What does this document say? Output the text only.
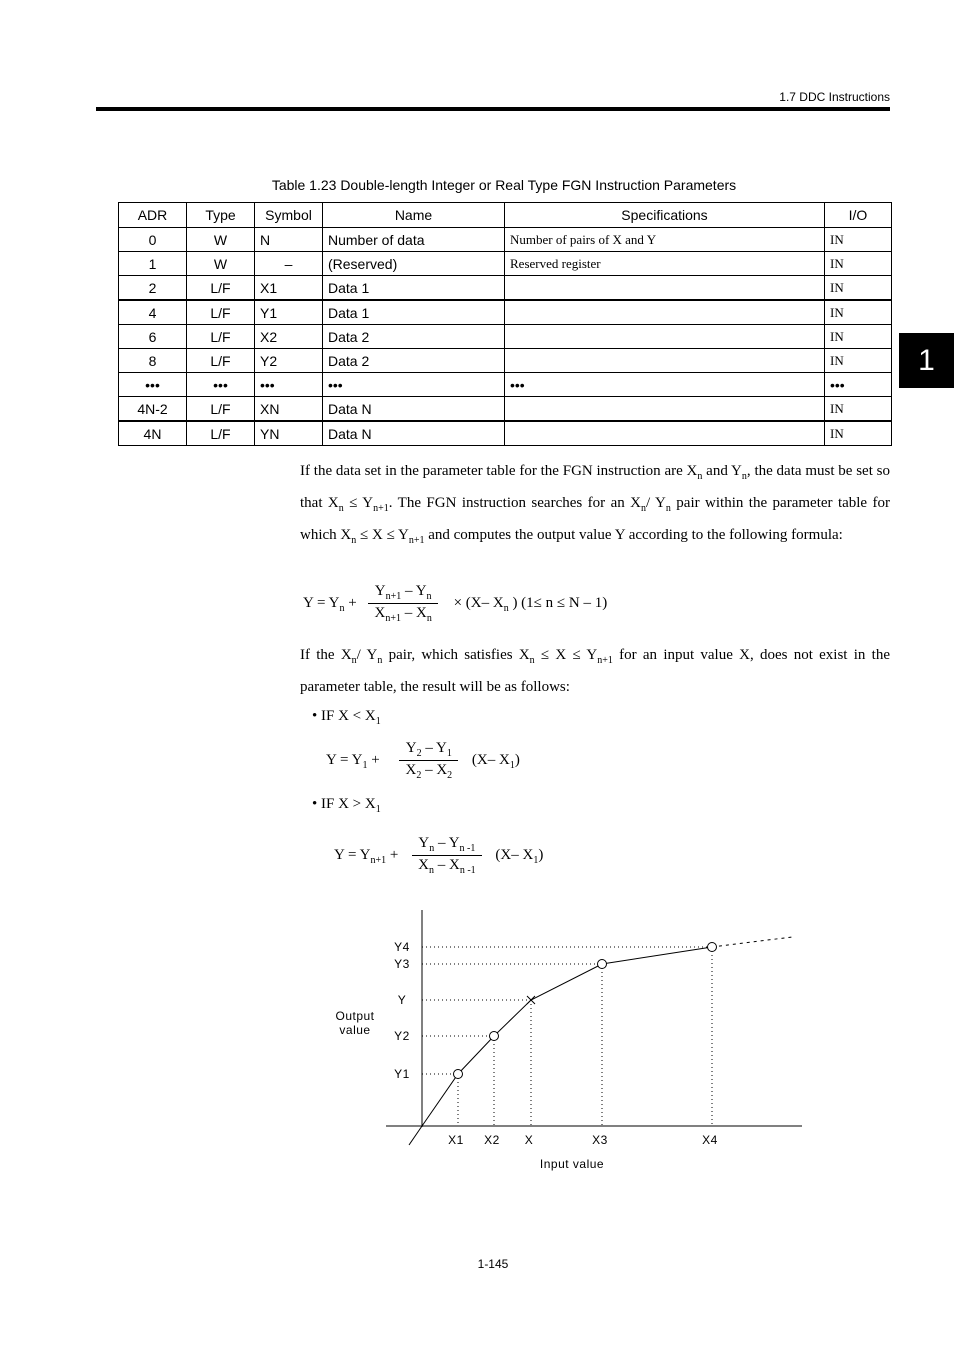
1.7 DDC Instructions
1
Table 1.23 Double-length Integer or Real Type FGN Instruction Parameters
ADR	Type	Symbol	Name	Specifications	I/O
0	W	N	Number of data	Number of pairs of X and Y	IN
1	W	–	(Reserved)	Reserved register	IN
2	L/F	X1	Data 1		IN
4	L/F	Y1	Data 1		IN
6	L/F	X2	Data 2		IN
8	L/F	Y2	Data 2		IN
•••	•••	•••	•••	•••	•••
4N-2	L/F	XN	Data N		IN
4N	L/F	YN	Data N		IN
If the data set in the parameter table for the FGN instruction are $X_n$ and $Y_n$, the data must be set so that $X_n \le Y_{n+1}$. The FGN instruction searches for an $X_n/$ $Y_n$ pair within the parameter table for which $X_n \le X \le Y_{n+1}$ and computes the output value Y according to the following formula:
$Y = Y_n + \frac{Y_{n+1} - Y_n}{X_{n+1} - X_n} \times (X-$ $X_n$ ) (1≤ n ≤ N – 1)
If the $X_n/$ $Y_n$ pair, which satisfies $X_n \le X \le Y_{n+1}$ for an input value X, does not exist in the parameter table, the result will be as follows:
• IF $X < X_1$
$Y = Y_1 + \frac{Y_2 - Y_1}{X_2 - X_2} (X-$ $X_1$)
• IF $X > X_1$
$Y = Y_{n+1} + \frac{Y_n - Y_{n -1}}{X_n - X_{n -1}} (X-$ $X_1$)
X1 X2 X	X3	X4
Y4
Y3
Y
Y2
Y1
Output
value
Input value
1-145
